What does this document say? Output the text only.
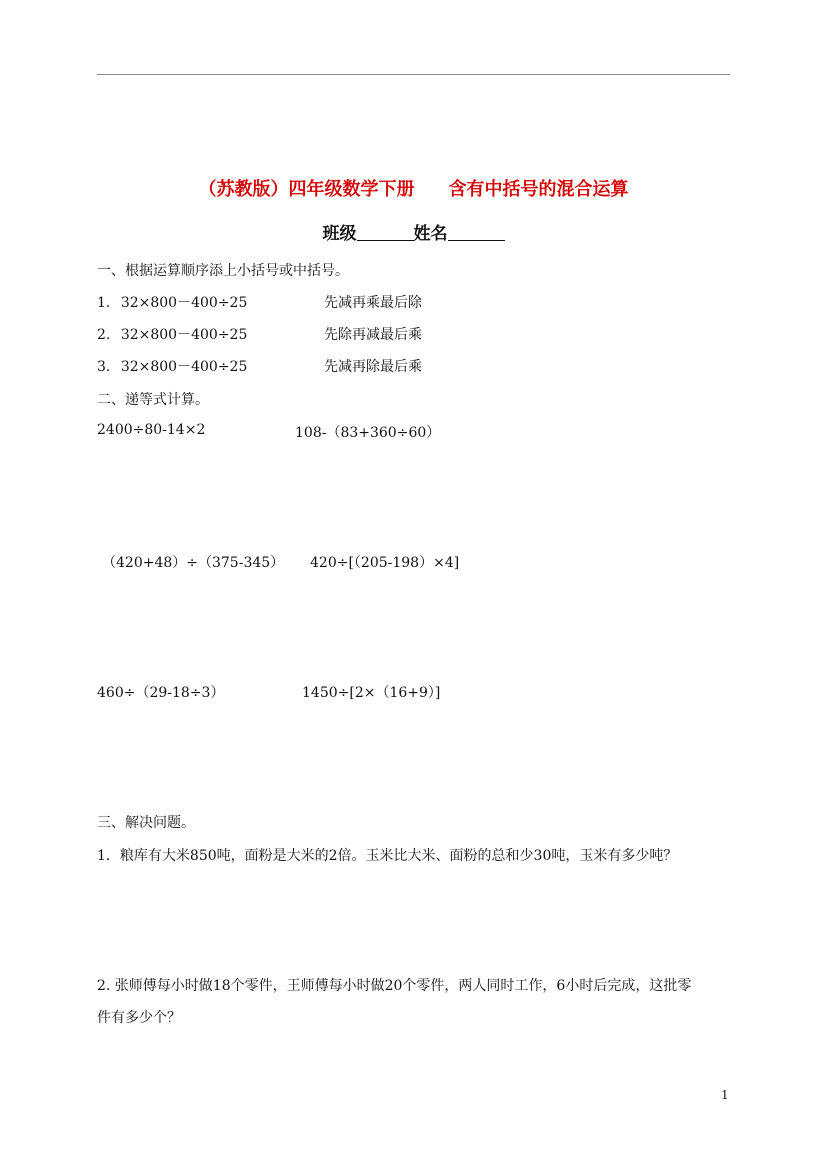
（苏教版）四年级数学下册 含有中括号的混合运算
班级	姓名
一、根据运算顺序添上小括号或中括号。
1. 32×800－400÷25	先减再乘最后除
2. 32×800－400÷25	先除再减最后乘
3. 32×800－400÷25	先减再除最后乘
二、递等式计算。
2400÷80-14×2	108-（83+360÷60）
（420+48）÷（375-345） 420÷[（205-198）×4]
460÷（29-18÷3）	1450÷[2×（16+9）]
三、解决问题。
1．粮库有大米850吨，面粉是大米的2倍。玉米比大米、面粉的总和少30吨，玉米有多少吨？
2. 张师傅每小时做18个零件，王师傅每小时做20个零件，两人同时工作，6小时后完成，这批零
件有多少个？
1
